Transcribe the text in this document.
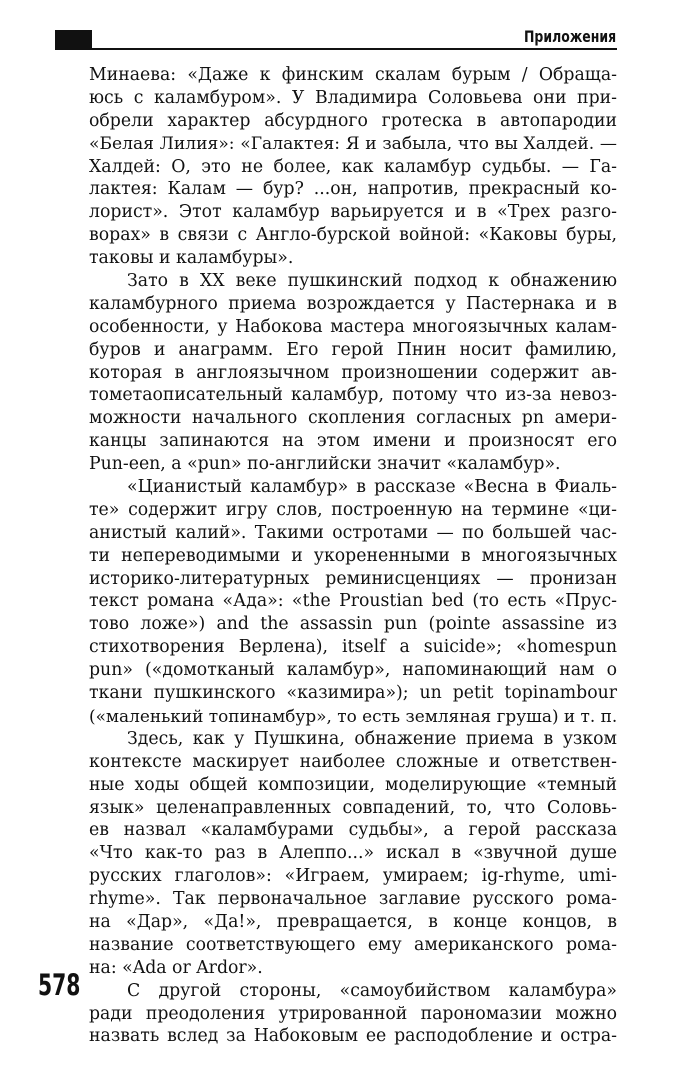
Приложения
Минаева: «Даже к финским скалам бурым / Обраща-
юсь с каламбуром». У Владимира Соловьева они при-
обрели характер абсурдного гротеска в автопародии
«Белая Лилия»: «Галактея: Я и забыла, что вы Халдей. —
Халдей: О, это не более, как каламбур судьбы. — Га-
лактея: Калам — бур? ...он, напротив, прекрасный ко-
лорист». Этот каламбур варьируется и в «Трех разго-
ворах» в связи с Англо-бурской войной: «Каковы буры,
таковы и каламбуры».
Зато в XX веке пушкинский подход к обнажению
каламбурного приема возрождается у Пастернака и в
особенности, у Набокова мастера многоязычных калам-
буров и анаграмм. Его герой Пнин носит фамилию,
которая в англоязычном произношении содержит ав-
тометаописательный каламбур, потому что из-за невоз-
можности начального скопления согласных pn амери-
канцы запинаются на этом имени и произносят его
Pun-een, а «pun» по-английски значит «каламбур».
«Цианистый каламбур» в рассказе «Весна в Фиаль-
те» содержит игру слов, построенную на термине «ци-
анистый калий». Такими остротами — по большей час-
ти непереводимыми и укорененными в многоязычных
историко-литературных реминисценциях — пронизан
текст романа «Ада»: «the Proustian bed (то есть «Прус-
тово ложе») and the assassin pun (pointe assassine из
стихотворения Верлена), itself a suicide»; «homespun
pun» («домотканый каламбур», напоминающий нам о
ткани пушкинского «казимира»); un petit topinambour
(«маленький топинамбур», то есть земляная груша) и т. п.
Здесь, как у Пушкина, обнажение приема в узком
контексте маскирует наиболее сложные и ответствен-
ные ходы общей композиции, моделирующие «темный
язык» целенаправленных совпадений, то, что Соловь-
ев назвал «каламбурами судьбы», а герой рассказа
«Что как-то раз в Алеппо...» искал в «звучной душе
русских глаголов»: «Играем, умираем; ig-rhyme, umi-
rhyme». Так первоначальное заглавие русского рома-
на «Дар», «Да!», превращается, в конце концов, в
название соответствующего ему американского рома-
на: «Ada or Ardor».
С другой стороны, «самоубийством каламбура»
ради преодоления утрированной парономазии можно
назвать вслед за Набоковым ее расподобление и остра-
578
